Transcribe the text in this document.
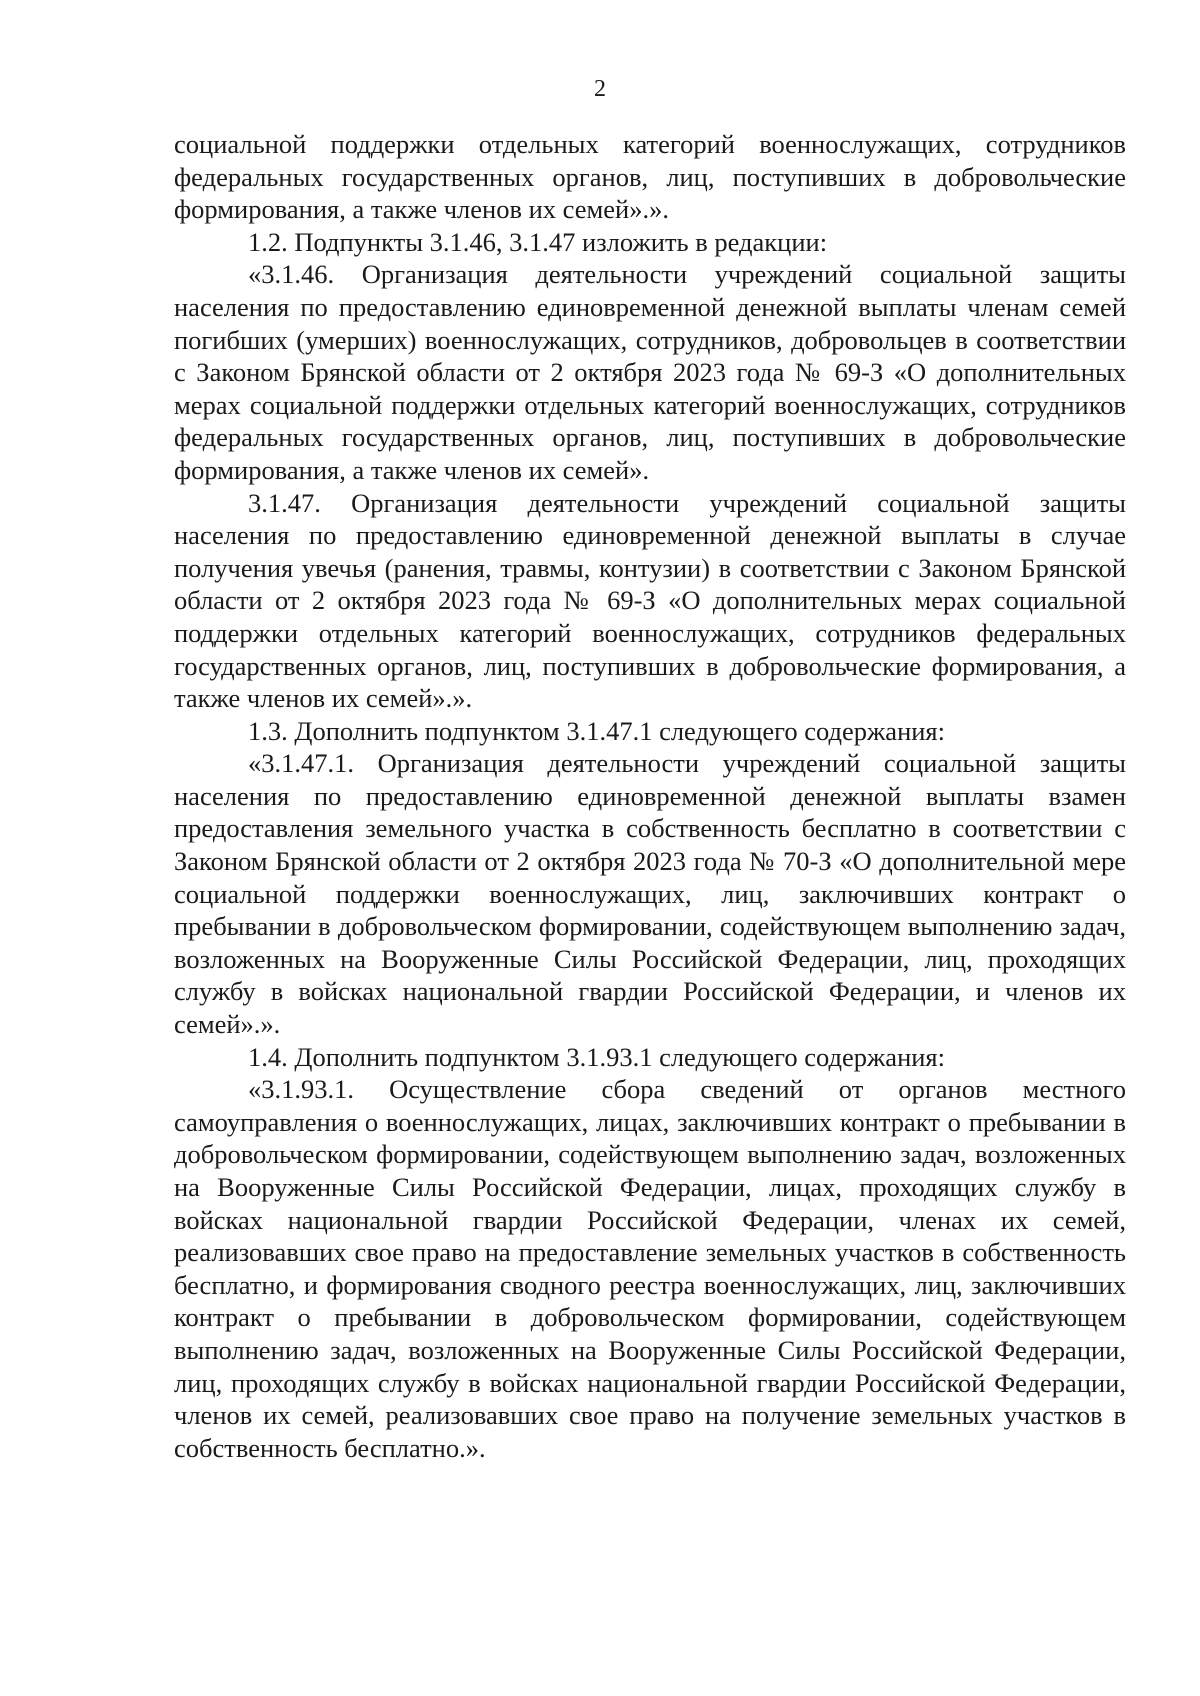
2

социальной поддержки отдельных категорий военнослужащих, сотрудников федеральных государственных органов, лиц, поступивших в добровольческие формирования, а также членов их семей».».

1.2. Подпункты 3.1.46, 3.1.47 изложить в редакции:

«3.1.46. Организация деятельности учреждений социальной защиты населения по предоставлению единовременной денежной выплаты членам семей погибших (умерших) военнослужащих, сотрудников, добровольцев в соответствии с Законом Брянской области от 2 октября 2023 года № 69-З «О дополнительных мерах социальной поддержки отдельных категорий военнослужащих, сотрудников федеральных государственных органов, лиц, поступивших в добровольческие формирования, а также членов их семей».

3.1.47. Организация деятельности учреждений социальной защиты населения по предоставлению единовременной денежной выплаты в случае получения увечья (ранения, травмы, контузии) в соответствии с Законом Брянской области от 2 октября 2023 года № 69-З «О дополнительных мерах социальной поддержки отдельных категорий военнослужащих, сотрудников федеральных государственных органов, лиц, поступивших в добровольческие формирования, а также членов их семей».».

1.3. Дополнить подпунктом 3.1.47.1 следующего содержания:

«3.1.47.1. Организация деятельности учреждений социальной защиты населения по предоставлению единовременной денежной выплаты взамен предоставления земельного участка в собственность бесплатно в соответствии с Законом Брянской области от 2 октября 2023 года № 70-З «О дополнительной мере социальной поддержки военнослужащих, лиц, заключивших контракт о пребывании в добровольческом формировании, содействующем выполнению задач, возложенных на Вооруженные Силы Российской Федерации, лиц, проходящих службу в войсках национальной гвардии Российской Федерации, и членов их семей».».

1.4. Дополнить подпунктом 3.1.93.1 следующего содержания:

«3.1.93.1. Осуществление сбора сведений от органов местного самоуправления о военнослужащих, лицах, заключивших контракт о пребывании в добровольческом формировании, содействующем выполнению задач, возложенных на Вооруженные Силы Российской Федерации, лицах, проходящих службу в войсках национальной гвардии Российской Федерации, членах их семей, реализовавших свое право на предоставление земельных участков в собственность бесплатно, и формирования сводного реестра военнослужащих, лиц, заключивших контракт о пребывании в добровольческом формировании, содействующем выполнению задач, возложенных на Вооруженные Силы Российской Федерации, лиц, проходящих службу в войсках национальной гвардии Российской Федерации, членов их семей, реализовавших свое право на получение земельных участков в собственность бесплатно.».
